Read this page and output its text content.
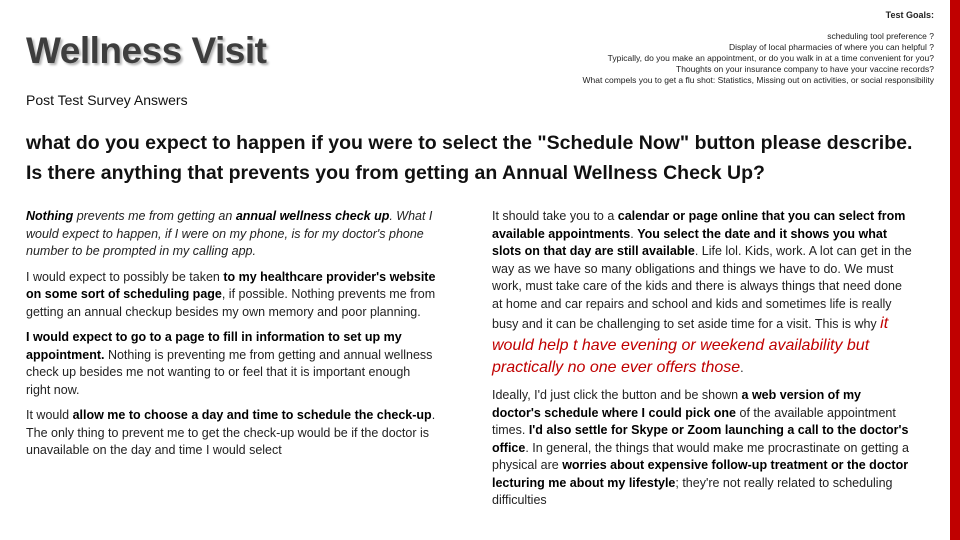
Wellness Visit
Post Test Survey Answers
Test Goals:
scheduling tool preference ?
Display of local pharmacies of where you can helpful ?
Typically, do you make an appointment, or do you walk in at a time convenient for you?
Thoughts on your insurance company to have your vaccine records?
What compels you to get a flu shot: Statistics, Missing out on activities, or social responsibility
what do you expect to happen if you were to select the "Schedule Now" button please describe. Is there anything that prevents you from getting an Annual Wellness Check Up?

Nothing prevents me from getting an annual wellness check up. What I would expect to happen, if I were on my phone, is for my doctor's phone number to be prompted in my calling app.

I would expect to possibly be taken to my healthcare provider's website on some sort of scheduling page, if possible. Nothing prevents me from getting an annual checkup besides my own memory and poor planning.

I would expect to go to a page to fill in information to set up my appointment. Nothing is preventing me from getting and annual wellness check up besides me not wanting to or feel that it is important enough right now.

It would allow me to choose a day and time to schedule the check-up. The only thing to prevent me to get the check-up would be if the doctor is unavailable on the day and time I would select

It should take you to a calendar or page online that you can select from available appointments. You select the date and it shows you what slots on that day are still available. Life lol. Kids, work. A lot can get in the way as we have so many obligations and things we have to do. We must work, must take care of the kids and there is always things that need done at home and car repairs and school and kids and sometimes life is really busy and it can be challenging to set aside time for a visit. This is why it would help t have evening or weekend availability but practically no one ever offers those.

Ideally, I'd just click the button and be shown a web version of my doctor's schedule where I could pick one of the available appointment times. I'd also settle for Skype or Zoom launching a call to the doctor's office. In general, the things that would make me procrastinate on getting a physical are worries about expensive follow-up treatment or the doctor lecturing me about my lifestyle; they're not really related to scheduling difficulties
